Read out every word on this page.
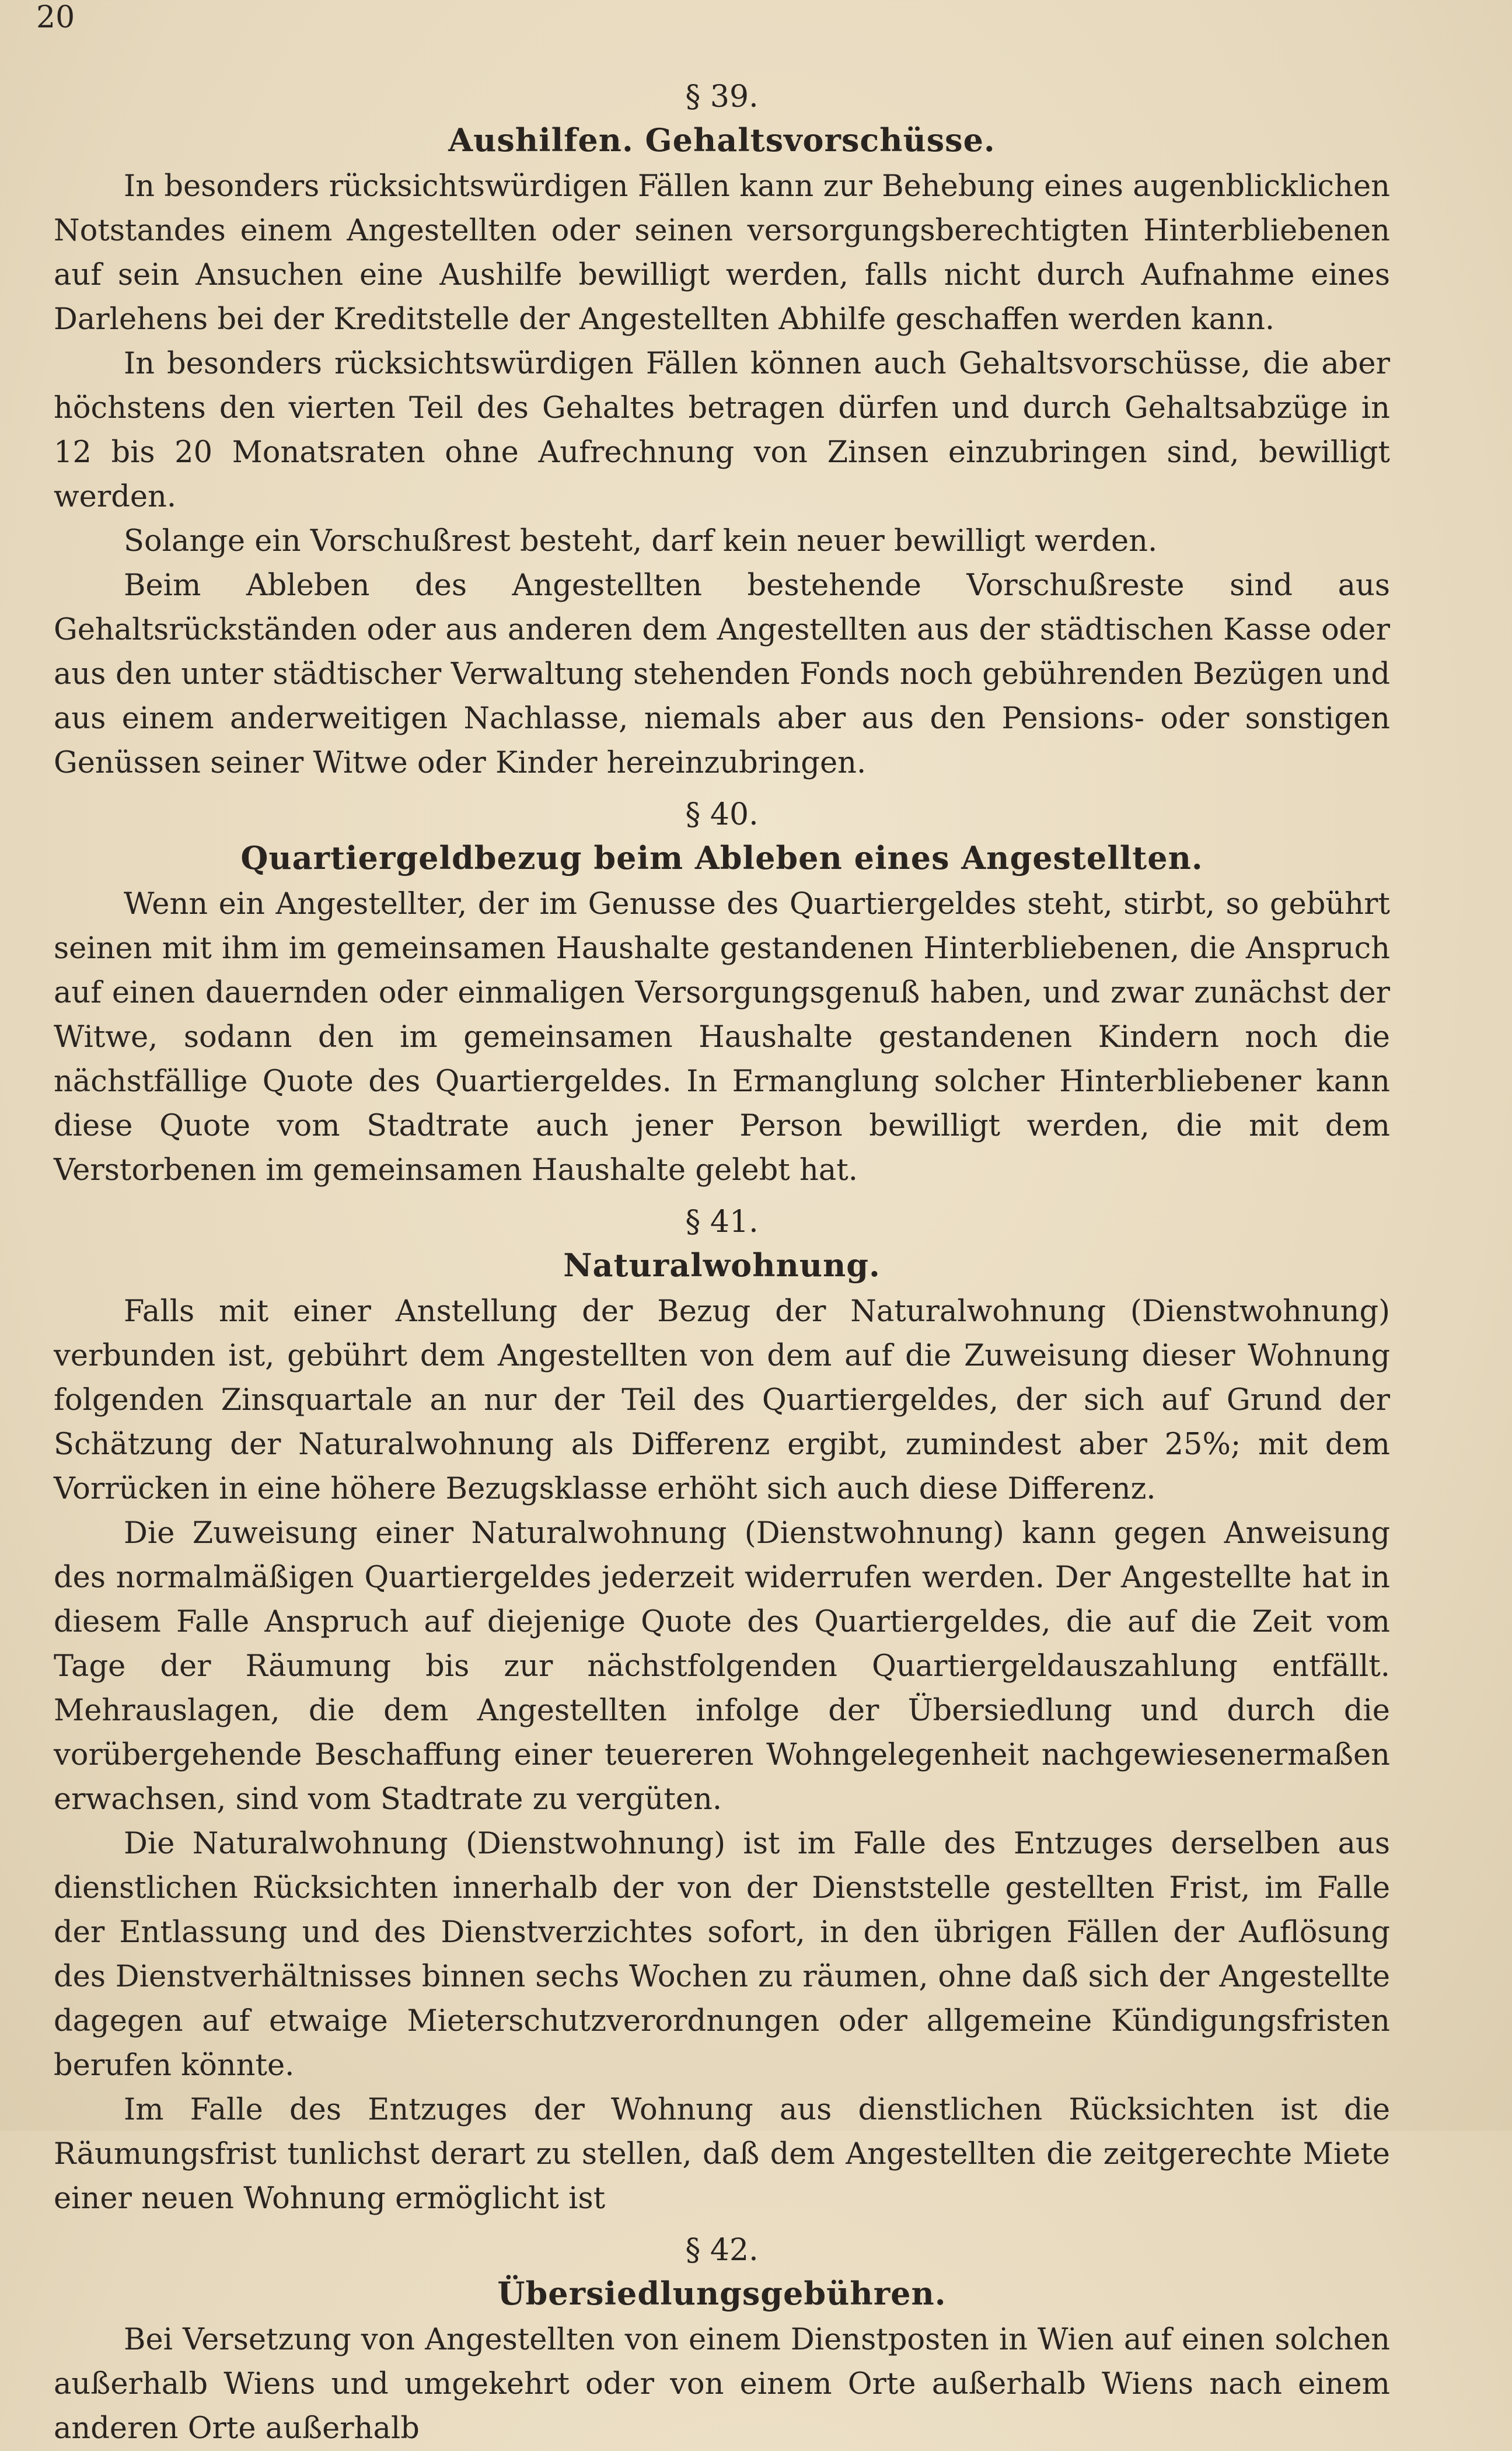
20

§ 39.

Aushilfen. Gehaltsvorschüsse.

In besonders rücksichtswürdigen Fällen kann zur Behebung eines augenblicklichen Notstandes einem Angestellten oder seinen versorgungsberechtigten Hinterbliebenen auf sein Ansuchen eine Aushilfe bewilligt werden, falls nicht durch Aufnahme eines Darlehens bei der Kreditstelle der Angestellten Abhilfe geschaffen werden kann.

In besonders rücksichtswürdigen Fällen können auch Gehaltsvorschüsse, die aber höchstens den vierten Teil des Gehaltes betragen dürfen und durch Gehaltsabzüge in 12 bis 20 Monatsraten ohne Aufrechnung von Zinsen einzubringen sind, bewilligt werden.

Solange ein Vorschußrest besteht, darf kein neuer bewilligt werden.

Beim Ableben des Angestellten bestehende Vorschußreste sind aus Gehaltsrückständen oder aus anderen dem Angestellten aus der städtischen Kasse oder aus den unter städtischer Verwaltung stehenden Fonds noch gebührenden Bezügen und aus einem anderweitigen Nachlasse, niemals aber aus den Pensions- oder sonstigen Genüssen seiner Witwe oder Kinder hereinzubringen.

§ 40.

Quartiergeldbezug beim Ableben eines Angestellten.

Wenn ein Angestellter, der im Genusse des Quartiergeldes steht, stirbt, so gebührt seinen mit ihm im gemeinsamen Haushalte gestandenen Hinterbliebenen, die Anspruch auf einen dauernden oder einmaligen Versorgungsgenuß haben, und zwar zunächst der Witwe, sodann den im gemeinsamen Haushalte gestandenen Kindern noch die nächstfällige Quote des Quartiergeldes. In Ermanglung solcher Hinterbliebener kann diese Quote vom Stadtrate auch jener Person bewilligt werden, die mit dem Verstorbenen im gemeinsamen Haushalte gelebt hat.

§ 41.

Naturalwohnung.

Falls mit einer Anstellung der Bezug der Naturalwohnung (Dienstwohnung) verbunden ist, gebührt dem Angestellten von dem auf die Zuweisung dieser Wohnung folgenden Zinsquartale an nur der Teil des Quartiergeldes, der sich auf Grund der Schätzung der Naturalwohnung als Differenz ergibt, zumindest aber 25%; mit dem Vorrücken in eine höhere Bezugsklasse erhöht sich auch diese Differenz.

Die Zuweisung einer Naturalwohnung (Dienstwohnung) kann gegen Anweisung des normalmäßigen Quartiergeldes jederzeit widerrufen werden. Der Angestellte hat in diesem Falle Anspruch auf diejenige Quote des Quartiergeldes, die auf die Zeit vom Tage der Räumung bis zur nächstfolgenden Quartiergeldauszahlung entfällt. Mehrauslagen, die dem Angestellten infolge der Übersiedlung und durch die vorübergehende Beschaffung einer teuereren Wohngelegenheit nachgewiesenermaßen erwachsen, sind vom Stadtrate zu vergüten.

Die Naturalwohnung (Dienstwohnung) ist im Falle des Entzuges derselben aus dienstlichen Rücksichten innerhalb der von der Dienststelle gestellten Frist, im Falle der Entlassung und des Dienstverzichtes sofort, in den übrigen Fällen der Auflösung des Dienstverhältnisses binnen sechs Wochen zu räumen, ohne daß sich der Angestellte dagegen auf etwaige Mieterschutzverordnungen oder allgemeine Kündigungsfristen berufen könnte.

Im Falle des Entzuges der Wohnung aus dienstlichen Rücksichten ist die Räumungsfrist tunlichst derart zu stellen, daß dem Angestellten die zeitgerechte Miete einer neuen Wohnung ermöglicht ist

§ 42.

Übersiedlungsgebühren.

Bei Versetzung von Angestellten von einem Dienstposten in Wien auf einen solchen außerhalb Wiens und umgekehrt oder von einem Orte außerhalb Wiens nach einem anderen Orte außerhalb
